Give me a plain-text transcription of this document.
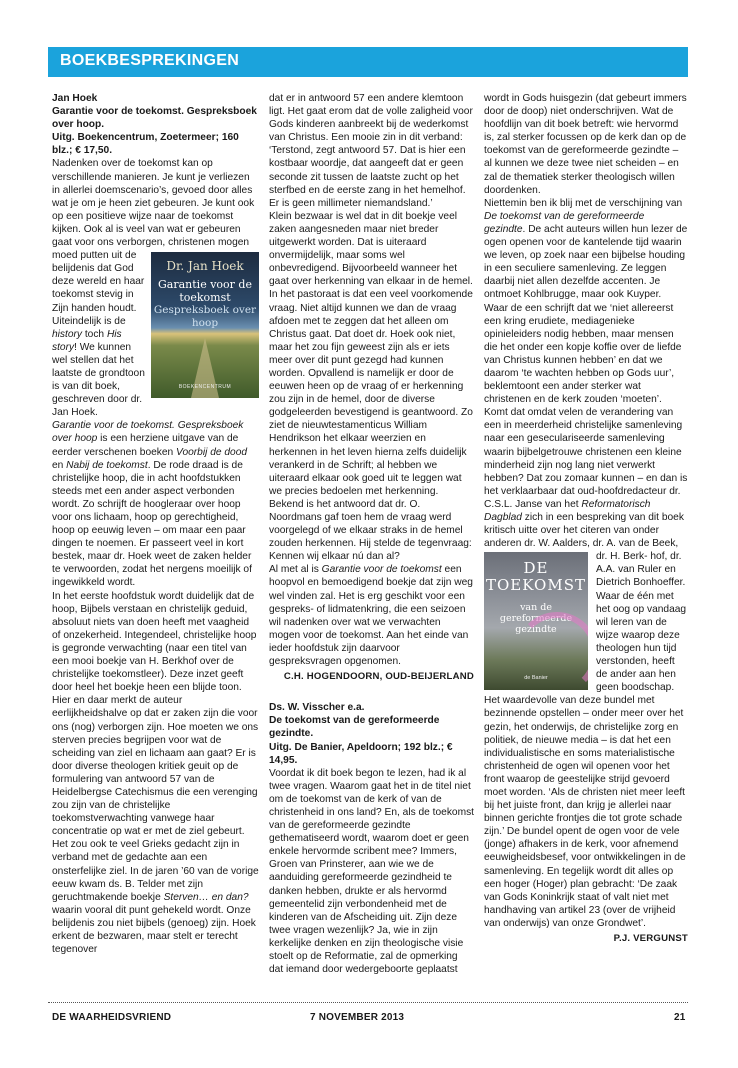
BOEKBESPREKINGEN

Jan Hoek

Garantie voor de toekomst. Gespreksboek over hoop.

Uitg. Boekencentrum, Zoetermeer; 160 blz.; € 17,50.

Nadenken over de toekomst kan op verschillende manieren. Je kunt je verliezen in allerlei doemscenario’s, gevoed door alles wat je om je heen ziet gebeuren. Je kunt ook op een positieve wijze naar de toekomst kijken. Ook al is veel van wat er gebeuren gaat voor ons verborgen, christenen
Dr. Jan Hoek
Garantie voor de toekomst
Gespreksboek over hoop
BOEKENCENTRUM
mogen moed putten uit de belijdenis dat God deze wereld en haar toekomst stevig in Zijn handen houdt. Uiteindelijk is de history toch His story! We kunnen wel stellen dat het laatste de grondtoon is van dit boek, geschreven door dr. Jan Hoek.
Garantie voor de toekomst. Gespreksboek over hoop is een herziene uitgave van de eerder verschenen boeken Voorbij de dood en Nabij de toekomst. De rode draad is de christelijke hoop, die in acht hoofdstukken steeds met een ander aspect verbonden wordt. Zo schrijft de hoogleraar over hoop voor ons lichaam, hoop op gerechtigheid, hoop op eeuwig leven – om maar een paar dingen te noemen. Er passeert veel in kort bestek, maar dr. Hoek weet de zaken helder te verwoorden, zodat het nergens moeilijk of ingewikkeld wordt.
In het eerste hoofdstuk wordt duidelijk dat de hoop, Bijbels verstaan en christelijk geduid, absoluut niets van doen heeft met vaagheid of onzekerheid. Integendeel, christelijke hoop is gegronde verwachting (naar een titel van een mooi boekje van H. Berkhof over de christelijke toekomstleer). Deze inzet geeft door heel het boekje heen een blijde toon. Hier en daar merkt de auteur eerlijkheidshalve op dat er zaken zijn die voor ons (nog) verborgen zijn. Hoe moeten we ons sterven precies begrijpen voor wat de scheiding van ziel en lichaam aan gaat? Er is door diverse theologen kritiek geuit op de formulering van antwoord 57 van de Heidelbergse Catechismus die een verenging zou zijn van de christelijke toekomstverwachting vanwege haar concentratie op wat er met de ziel gebeurt. Het zou ook te veel Grieks gedacht zijn in verband met de gedachte aan een onsterfelijke ziel. In de jaren ’60 van de vorige eeuw kwam ds. B. Telder met zijn geruchtmakende boekje Sterven… en dan? waarin vooral dit punt gehekeld wordt. Onze belijdenis zou niet bijbels (genoeg) zijn. Hoek erkent de bezwaren, maar stelt er terecht tegenover

dat er in antwoord 57 een andere klemtoon ligt. Het gaat erom dat de volle zaligheid voor Gods kinderen aanbreekt bij de wederkomst van Christus. Een mooie zin in dit verband: ‘Terstond, zegt antwoord 57. Dat is hier een kostbaar woordje, dat aangeeft dat er geen seconde zit tussen de laatste zucht op het sterfbed en de eerste zang in het hemelhof. Er is geen millimeter niemandsland.’
Klein bezwaar is wel dat in dit boekje veel zaken aangesneden maar niet breder uitgewerkt worden. Dat is uiteraard onvermijdelijk, maar soms wel onbevredigend. Bijvoorbeeld wanneer het gaat over herkenning van elkaar in de hemel. In het pastoraat is dat een veel voorkomende vraag. Niet altijd kunnen we dan de vraag afdoen met te zeggen dat het alleen om Christus gaat. Dat doet dr. Hoek ook niet, maar het zou fijn geweest zijn als er iets meer over dit punt gezegd had kunnen worden. Opvallend is namelijk er door de eeuwen heen op de vraag of er herkenning zou zijn in de hemel, door de diverse godgeleerden bevestigend is geantwoord. Zo ziet de nieuwtestamenticus William Hendrikson het elkaar weerzien en herkennen in het leven hierna zelfs duidelijk verankerd in de Schrift; al hebben we uiteraard elkaar ook goed uit te leggen wat we precies bedoelen met herkenning. Bekend is het antwoord dat dr. O. Noordmans gaf toen hem de vraag werd voorgelegd of we elkaar straks in de hemel zouden herkennen. Hij stelde de tegenvraag: Kennen wij elkaar nú dan al?
Al met al is Garantie voor de toekomst een hoopvol en bemoedigend boekje dat zijn weg wel vinden zal. Het is erg geschikt voor een gespreks- of lidmatenkring, die een seizoen wil nadenken over wat we verwachten mogen voor de toekomst. Aan het einde van ieder hoofdstuk zijn daarvoor gespreksvragen opgenomen.

C.H. HOGENDOORN, OUD-BEIJERLAND

Ds. W. Visscher e.a.

De toekomst van de gereformeerde gezindte.

Uitg. De Banier, Apeldoorn; 192 blz.; € 14,95.

Voordat ik dit boek begon te lezen, had ik al twee vragen. Waarom gaat het in de titel niet om de toekomst van de kerk of van de christenheid in ons land? En, als de toekomst van de gereformeerde gezindte gethematiseerd wordt, waarom doet er geen enkele hervormde scribent mee? Immers, Groen van Prinsterer, aan wie we de aanduiding gereformeerde gezindheid te danken hebben, drukte er als hervormd gemeentelid zijn verbondenheid met de kinderen van de Afscheiding uit. Zijn deze twee vragen wezenlijk? Ja, wie in zijn kerkelijke denken en zijn theologische visie stoelt op de Reformatie, zal de opmerking dat iemand door wedergeboorte geplaatst

wordt in Gods huisgezin (dat gebeurt immers door de doop) niet onderschrijven. Wat de hoofdlijn van dit boek betreft: wie hervormd is, zal sterker focussen op de kerk dan op de toekomst van de gereformeerde gezindte – al kunnen we deze twee niet scheiden – en zal de thematiek sterker theologisch willen doordenken.
Niettemin ben ik blij met de verschijning van De toekomst van de gereformeerde gezindte. De acht auteurs willen hun lezer de ogen openen voor de kantelende tijd waarin we leven, op zoek naar een bijbelse houding in een seculiere samenleving. Ze leggen daarbij niet allen dezelfde accenten. Je ontmoet Kohlbrugge, maar ook Kuyper. Waar de een schrijft dat we ‘niet allereerst een kring erudiete, mediagenieke opinieleiders nodig hebben, maar mensen die het onder een kopje koffie over de liefde van Christus kunnen hebben’ en dat we daarom ‘te wachten hebben op Gods uur’, beklemtoont een ander sterker wat christenen en de kerk zouden ‘moeten’. Komt dat omdat velen de verandering van een in meerderheid christelijke samenleving naar een geseculariseerde samenleving waarin bijbelgetrouwe christenen een kleine minderheid zijn nog lang niet verwerkt hebben? Dat zou zomaar kunnen – en dan is het verklaarbaar dat oud-hoofdredacteur dr. C.S.L. Janse van het Reformatorisch Dagblad zich in een bespreking van dit boek kritisch uitte over het citeren van onder anderen dr. W. Aalders, dr. A. van de Beek, dr. H. Berk-
DE TOEKOMST
van de gereformeerde gezindte
de Banier
hof, dr. A.A. van Ruler en Dietrich Bonhoeffer. Waar de één met het oog op vandaag wil leren van de wijze waarop deze theologen hun tijd verstonden, heeft de ander aan hen geen boodschap.
Het waardevolle van deze bundel met bezinnende opstellen – onder meer over het gezin, het onderwijs, de christelijke zorg en politiek, de nieuwe media – is dat het een individualistische en soms materialistische christenheid de ogen wil openen voor het front waarop de geestelijke strijd gevoerd moet worden. ‘Als de christen niet meer leeft bij het juiste front, dan krijg je allerlei naar binnen gerichte frontjes die tot grote schade zijn.’ De bundel opent de ogen voor de vele (jonge) afhakers in de kerk, voor afnemend eeuwigheidsbesef, voor ontwikkelingen in de samenleving. En tegelijk wordt dit alles op een hoger (Hoger) plan gebracht: ‘De zaak van Gods Koninkrijk staat of valt niet met handhaving van artikel 23 (over de vrijheid van onderwijs) van onze Grondwet’.

P.J. VERGUNST

DE WAARHEIDSVRIEND	7 NOVEMBER 2013	21
